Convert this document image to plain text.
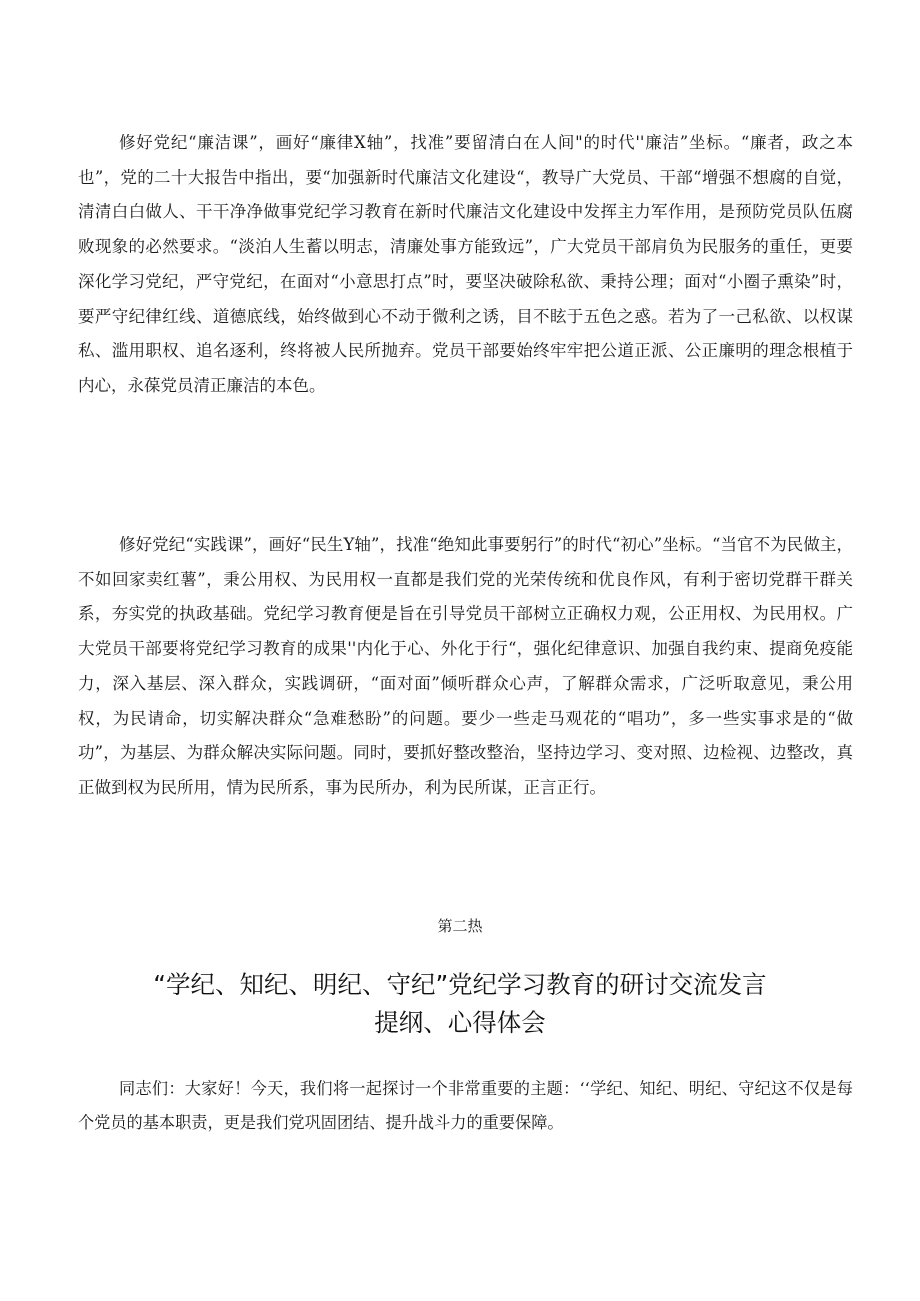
修好党纪“廉洁课”，画好“廉律X轴”，找准”要留清白在人间"的时代''廉洁”坐标。“廉者，政之本也”，党的二十大报告中指出，要“加强新时代廉洁文化建设“，教导广大党员、干部“增强不想腐的自觉，清清白白做人、干干净净做事党纪学习教育在新时代廉洁文化建设中发挥主力军作用，是预防党员队伍腐败现象的必然要求。“淡泊人生蓄以明志，清廉处事方能致远”，广大党员干部肩负为民服务的重任，更要深化学习党纪，严守党纪，在面对“小意思打点”时，要坚决破除私欲、秉持公理；面对“小圈子熏染”时，要严守纪律红线、道德底线，始终做到心不动于微利之诱，目不眩于五色之惑。若为了一己私欲、以权谋私、滥用职权、追名逐利，终将被人民所抛弃。党员干部要始终牢牢把公道正派、公正廉明的理念根植于内心，永葆党员清正廉洁的本色。

修好党纪“实践课”，画好“民生Y轴”，找准“绝知此事要躬行”的时代“初心”坐标。“当官不为民做主，不如回家卖红薯”，秉公用权、为民用权一直都是我们党的光荣传统和优良作风，有利于密切党群干群关系，夯实党的执政基础。党纪学习教育便是旨在引导党员干部树立正确权力观，公正用权、为民用权。广大党员干部要将党纪学习教育的成果''内化于心、外化于行“，强化纪律意识、加强自我约束、提商免疫能力，深入基层、深入群众，实践调研，“面对面”倾听群众心声，了解群众需求，广泛听取意见，秉公用权，为民请命，切实解决群众“急难愁盼”的问题。要少一些走马观花的“唱功”，多一些实事求是的“做功”，为基层、为群众解决实际问题。同时，要抓好整改整治，坚持边学习、变对照、边检视、边整改，真正做到权为民所用，情为民所系，事为民所办，利为民所谋，正言正行。

第二热

“学纪、知纪、明纪、守纪”党纪学习教育的研讨交流发言
提纲、心得体会

同志们：大家好！今天，我们将一起探讨一个非常重要的主题：‘‘学纪、知纪、明纪、守纪这不仅是每个党员的基本职责，更是我们党巩固团结、提升战斗力的重要保障。
